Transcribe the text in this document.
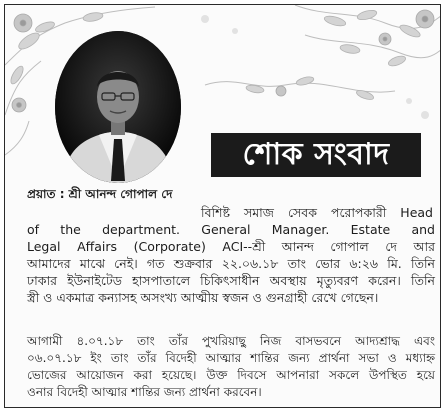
শোক সংবাদ
প্রয়াত : শ্রী আনন্দ গোপাল দে
বিশিষ্ট সমাজ সেবক পরোপকারী Head
of the department. General Manager. Estate and
Legal Affairs (Corporate) ACI--শ্রী আনন্দ গোপাল দে আর
আমাদের মাঝে নেই। গত শুক্রবার ২২.০৬.১৮ তাং ভোর ৬:২৬ মি. তিনি
ঢাকার ইউনাইটেড হাসপাতালে চিকিৎসাধীন অবস্থায় মৃত্যুবরণ করেন। তিনি
স্ত্রী ও একমাত্র কন্যাসহ অসংখ্য আত্মীয় স্বজন ও গুনগ্রাহী রেখে গেছেন।
আগামী ৪.০৭.১৮ তাং তাঁর পুখরিয়াছু নিজ বাসভবনে আদ্যশ্রাদ্ধ এবং
০৬.০৭.১৮ ইং তাং তাঁর বিদেহী আত্মার শান্তির জন্য প্রার্থনা সভা ও মধ্যাহ্ন
ভোজের আয়োজন করা হয়েছে। উক্ত দিবসে আপনারা সকলে উপস্থিত হয়ে
ওনার বিদেহী আত্মার শান্তির জন্য প্রার্থনা করবেন।
